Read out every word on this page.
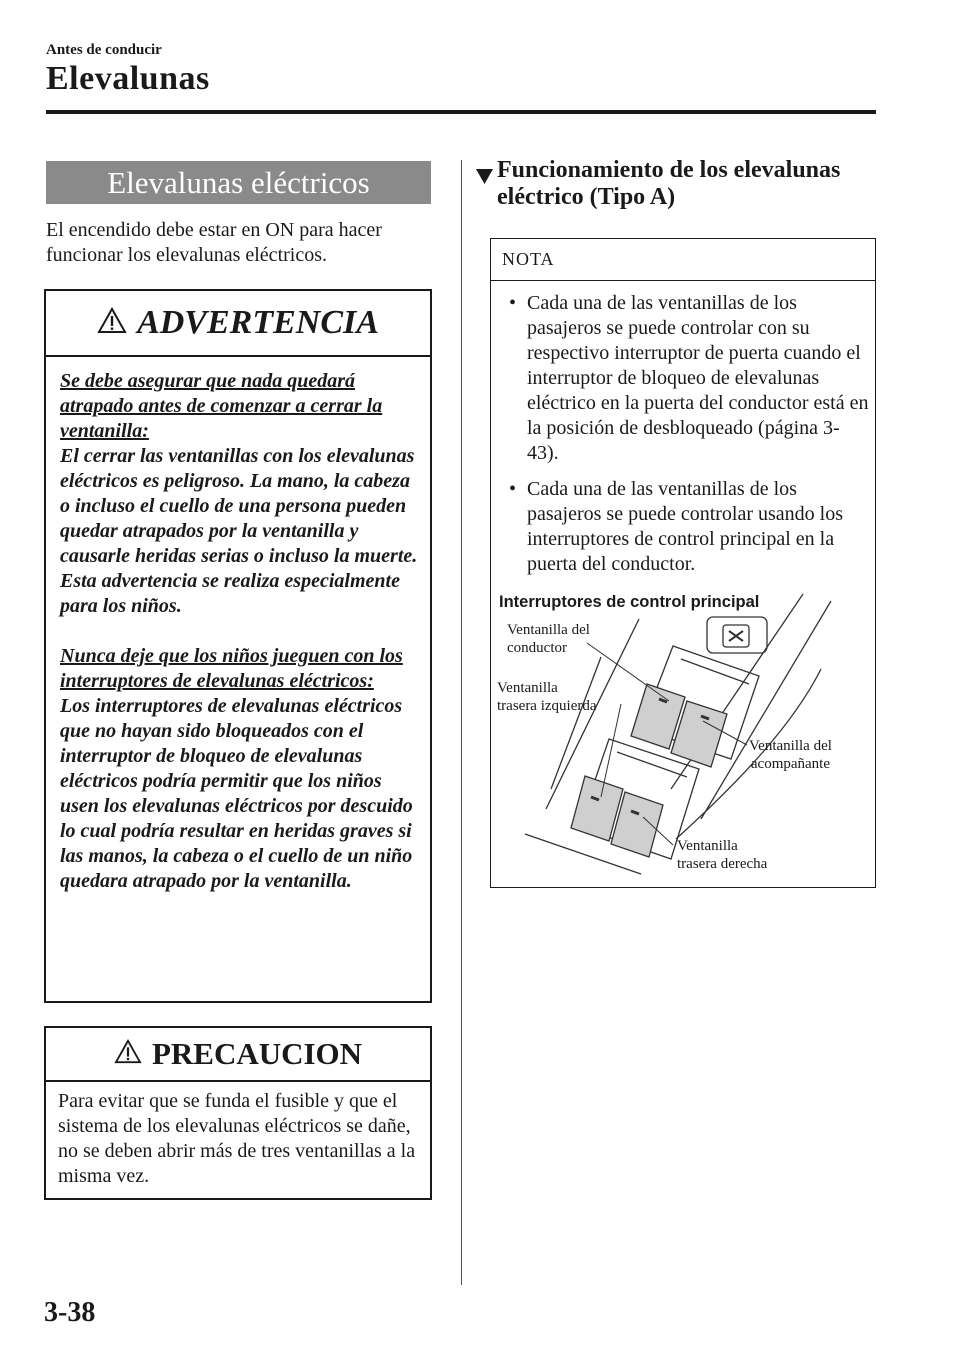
Antes de conducir
Elevalunas
Elevalunas eléctricos
El encendido debe estar en ON para hacer funcionar los elevalunas eléctricos.
ADVERTENCIA

Se debe asegurar que nada quedará atrapado antes de comenzar a cerrar la ventanilla:

El cerrar las ventanillas con los elevalunas eléctricos es peligroso. La mano, la cabeza o incluso el cuello de una persona pueden quedar atrapados por la ventanilla y causarle heridas serias o incluso la muerte. Esta advertencia se realiza especialmente para los niños.

Nunca deje que los niños jueguen con los interruptores de elevalunas eléctricos:

Los interruptores de elevalunas eléctricos que no hayan sido bloqueados con el interruptor de bloqueo de elevalunas eléctricos podría permitir que los niños usen los elevalunas eléctricos por descuido lo cual podría resultar en heridas graves si las manos, la cabeza o el cuello de un niño quedara atrapado por la ventanilla.

PRECAUCION
Para evitar que se funda el fusible y que el sistema de los elevalunas eléctricos se dañe, no se deben abrir más de tres ventanillas a la misma vez.
Funcionamiento de los elevalunas eléctrico (Tipo A)
NOTA
• Cada una de las ventanillas de los pasajeros se puede controlar con su respectivo interruptor de puerta cuando el interruptor de bloqueo de elevalunas eléctrico en la puerta del conductor está en la posición de desbloqueado (página 3-43).
• Cada una de las ventanillas de los pasajeros se puede controlar usando los interruptores de control principal en la puerta del conductor.
Interruptores de control principal
Ventanilla del
conductor
Ventanilla
trasera izquierda
Ventanilla del
acompañante
Ventanilla
trasera derecha
3-38
